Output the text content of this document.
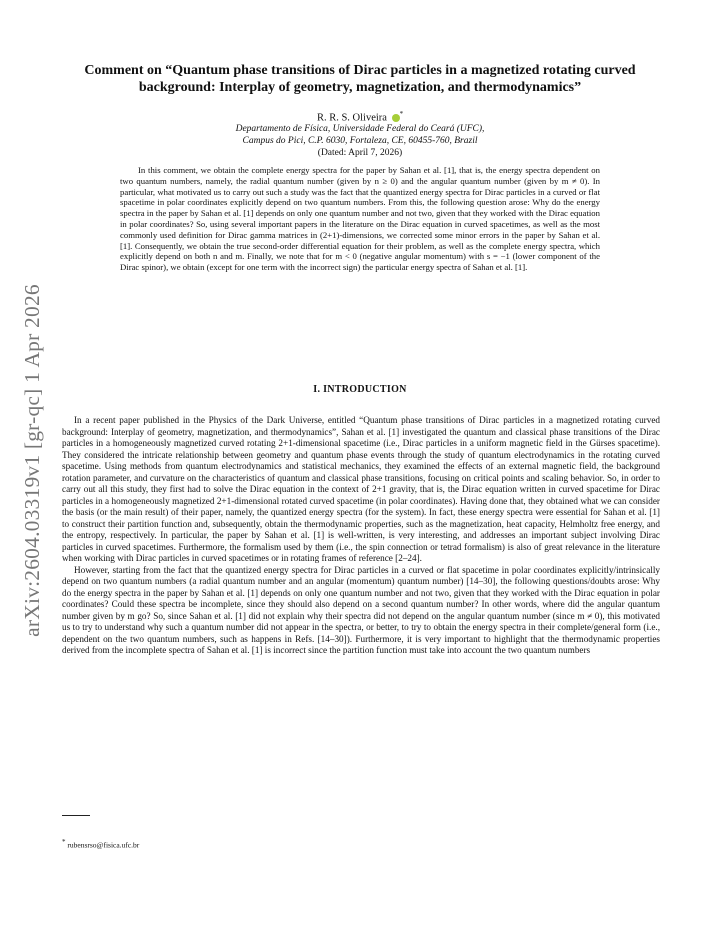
arXiv:2604.03319v1 [gr-qc] 1 Apr 2026
Comment on “Quantum phase transitions of Dirac particles in a magnetized rotating curved background: Interplay of geometry, magnetization, and thermodynamics”
R. R. S. Oliveira *
Departamento de Física, Universidade Federal do Ceará (UFC),
Campus do Pici, C.P. 6030, Fortaleza, CE, 60455-760, Brazil
(Dated: April 7, 2026)

In this comment, we obtain the complete energy spectra for the paper by Sahan et al. [1], that is, the energy spectra dependent on two quantum numbers, namely, the radial quantum number (given by n ≥ 0) and the angular quantum number (given by m ≠ 0). In particular, what motivated us to carry out such a study was the fact that the quantized energy spectra for Dirac particles in a curved or flat spacetime in polar coordinates explicitly depend on two quantum numbers. From this, the following question arose: Why do the energy spectra in the paper by Sahan et al. [1] depends on only one quantum number and not two, given that they worked with the Dirac equation in polar coordinates? So, using several important papers in the literature on the Dirac equation in curved spacetimes, as well as the most commonly used definition for Dirac gamma matrices in (2+1)-dimensions, we corrected some minor errors in the paper by Sahan et al. [1]. Consequently, we obtain the true second-order differential equation for their problem, as well as the complete energy spectra, which explicitly depend on both n and m. Finally, we note that for m < 0 (negative angular momentum) with s = −1 (lower component of the Dirac spinor), we obtain (except for one term with the incorrect sign) the particular energy spectra of Sahan et al. [1].

I. INTRODUCTION

In a recent paper published in the Physics of the Dark Universe, entitled “Quantum phase transitions of Dirac particles in a magnetized rotating curved background: Interplay of geometry, magnetization, and thermodynamics”, Sahan et al. [1] investigated the quantum and classical phase transitions of the Dirac particles in a homogeneously magnetized curved rotating 2+1-dimensional spacetime (i.e., Dirac particles in a uniform magnetic field in the Gürses spacetime). They considered the intricate relationship between geometry and quantum phase events through the study of quantum electrodynamics in the rotating curved spacetime. Using methods from quantum electrodynamics and statistical mechanics, they examined the effects of an external magnetic field, the background rotation parameter, and curvature on the characteristics of quantum and classical phase transitions, focusing on critical points and scaling behavior. So, in order to carry out all this study, they first had to solve the Dirac equation in the context of 2+1 gravity, that is, the Dirac equation written in curved spacetime for Dirac particles in a homogeneously magnetized 2+1-dimensional rotated curved spacetime (in polar coordinates). Having done that, they obtained what we can consider the basis (or the main result) of their paper, namely, the quantized energy spectra (for the system). In fact, these energy spectra were essential for Sahan et al. [1] to construct their partition function and, subsequently, obtain the thermodynamic properties, such as the magnetization, heat capacity, Helmholtz free energy, and the entropy, respectively. In particular, the paper by Sahan et al. [1] is well-written, is very interesting, and addresses an important subject involving Dirac particles in curved spacetimes. Furthermore, the formalism used by them (i.e., the spin connection or tetrad formalism) is also of great relevance in the literature when working with Dirac particles in curved spacetimes or in rotating frames of reference [2–24].

However, starting from the fact that the quantized energy spectra for Dirac particles in a curved or flat spacetime in polar coordinates explicitly/intrinsically depend on two quantum numbers (a radial quantum number and an angular (momentum) quantum number) [14–30], the following questions/doubts arose: Why do the energy spectra in the paper by Sahan et al. [1] depends on only one quantum number and not two, given that they worked with the Dirac equation in polar coordinates? Could these spectra be incomplete, since they should also depend on a second quantum number? In other words, where did the angular quantum number given by m go? So, since Sahan et al. [1] did not explain why their spectra did not depend on the angular quantum number (since m ≠ 0), this motivated us to try to understand why such a quantum number did not appear in the spectra, or better, to try to obtain the energy spectra in their complete/general form (i.e., dependent on the two quantum numbers, such as happens in Refs. [14–30]). Furthermore, it is very important to highlight that the thermodynamic properties derived from the incomplete spectra of Sahan et al. [1] is incorrect since the partition function must take into account the two quantum numbers

* rubensrso@fisica.ufc.br
